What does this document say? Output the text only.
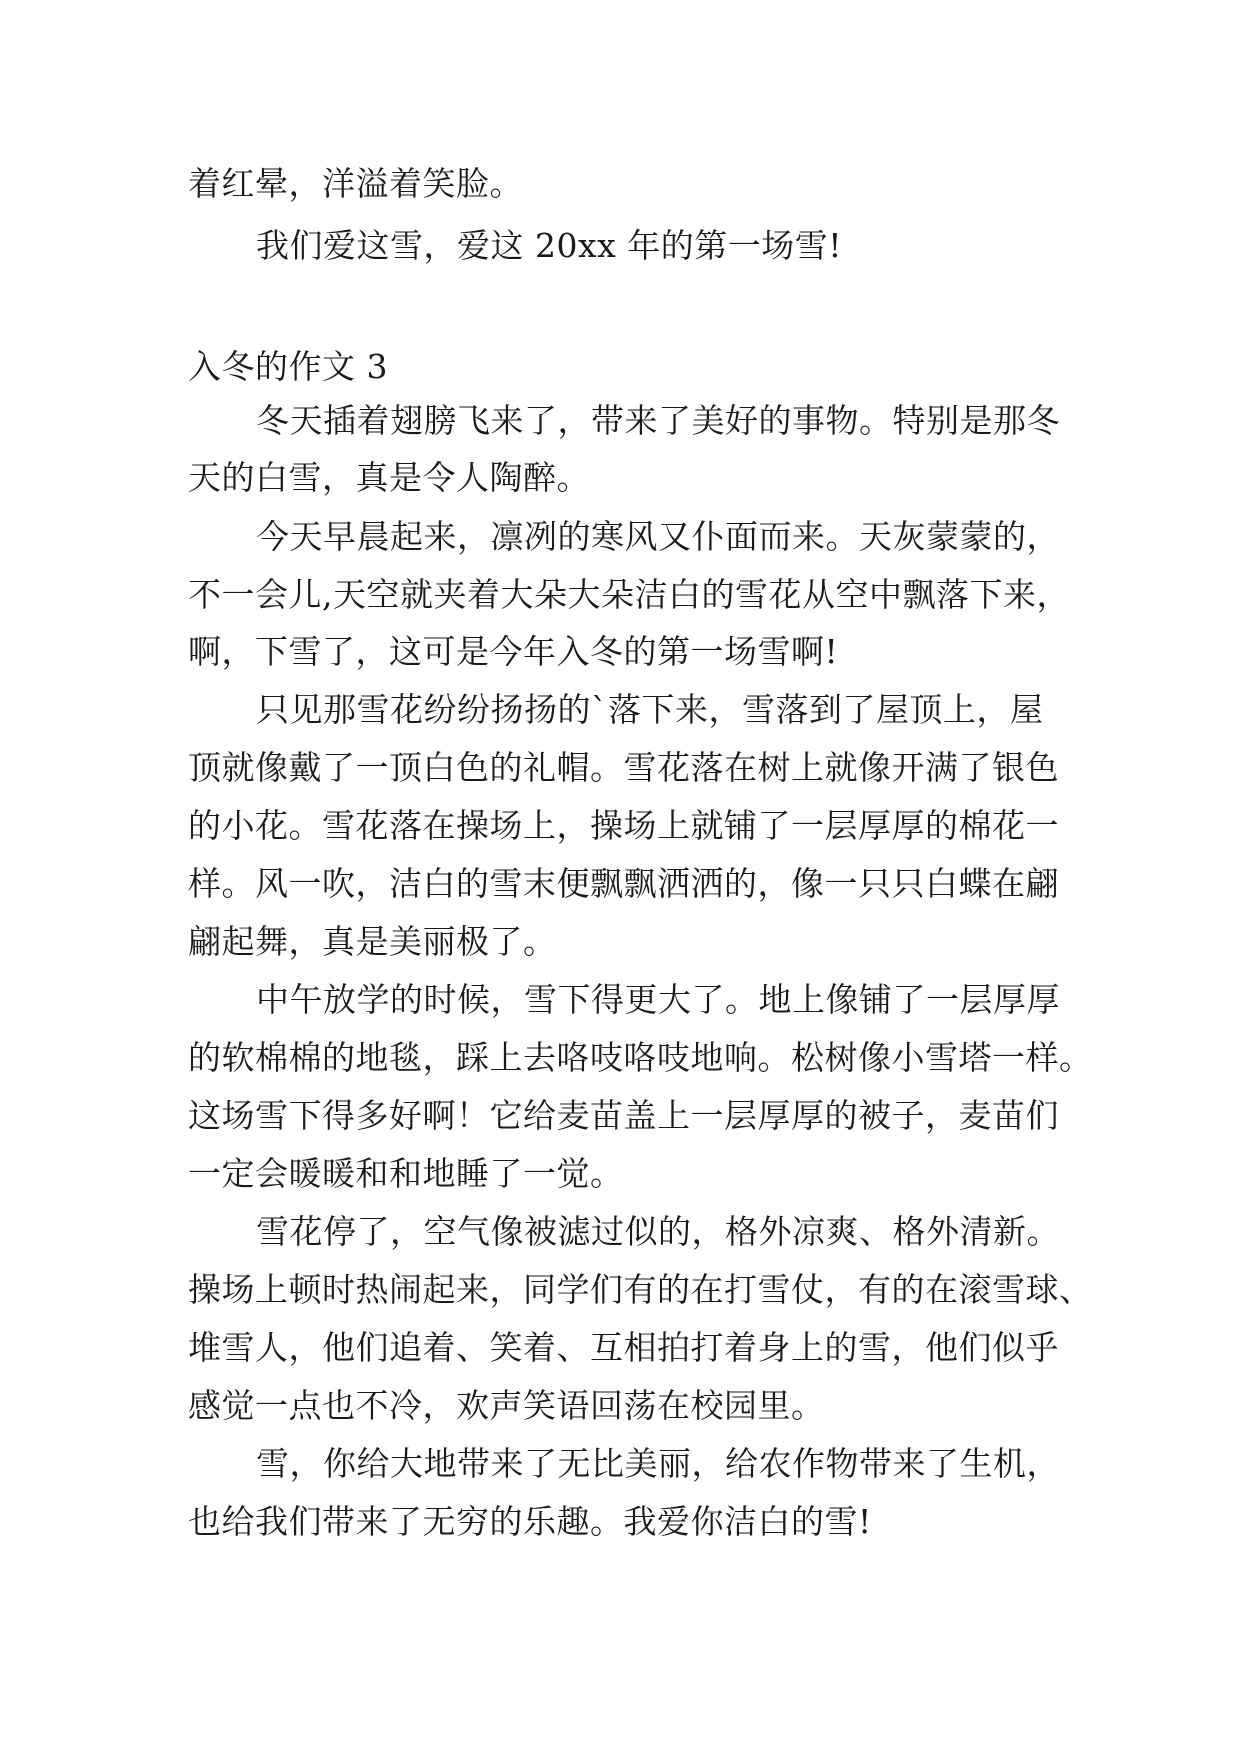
着红晕，洋溢着笑脸。
我们爱这雪，爱这 20xx 年的第一场雪!
入冬的作文 3
冬天插着翅膀飞来了，带来了美好的事物。特别是那冬
天的白雪，真是令人陶醉。
今天早晨起来，凛冽的寒风又仆面而来。天灰蒙蒙的，
不一会儿,天空就夹着大朵大朵洁白的雪花从空中飘落下来，
啊，下雪了，这可是今年入冬的第一场雪啊!
只见那雪花纷纷扬扬的`落下来，雪落到了屋顶上，屋
顶就像戴了一顶白色的礼帽。雪花落在树上就像开满了银色
的小花。雪花落在操场上，操场上就铺了一层厚厚的棉花一
样。风一吹，洁白的雪末便飘飘洒洒的，像一只只白蝶在翩
翩起舞，真是美丽极了。
中午放学的时候，雪下得更大了。地上像铺了一层厚厚
的软棉棉的地毯，踩上去咯吱咯吱地响。松树像小雪塔一样。
这场雪下得多好啊！它给麦苗盖上一层厚厚的被子，麦苗们
一定会暖暖和和地睡了一觉。
雪花停了，空气像被滤过似的，格外凉爽、格外清新。
操场上顿时热闹起来，同学们有的在打雪仗，有的在滚雪球、
堆雪人，他们追着、笑着、互相拍打着身上的雪，他们似乎
感觉一点也不冷，欢声笑语回荡在校园里。
雪，你给大地带来了无比美丽，给农作物带来了生机，
也给我们带来了无穷的乐趣。我爱你洁白的雪!
